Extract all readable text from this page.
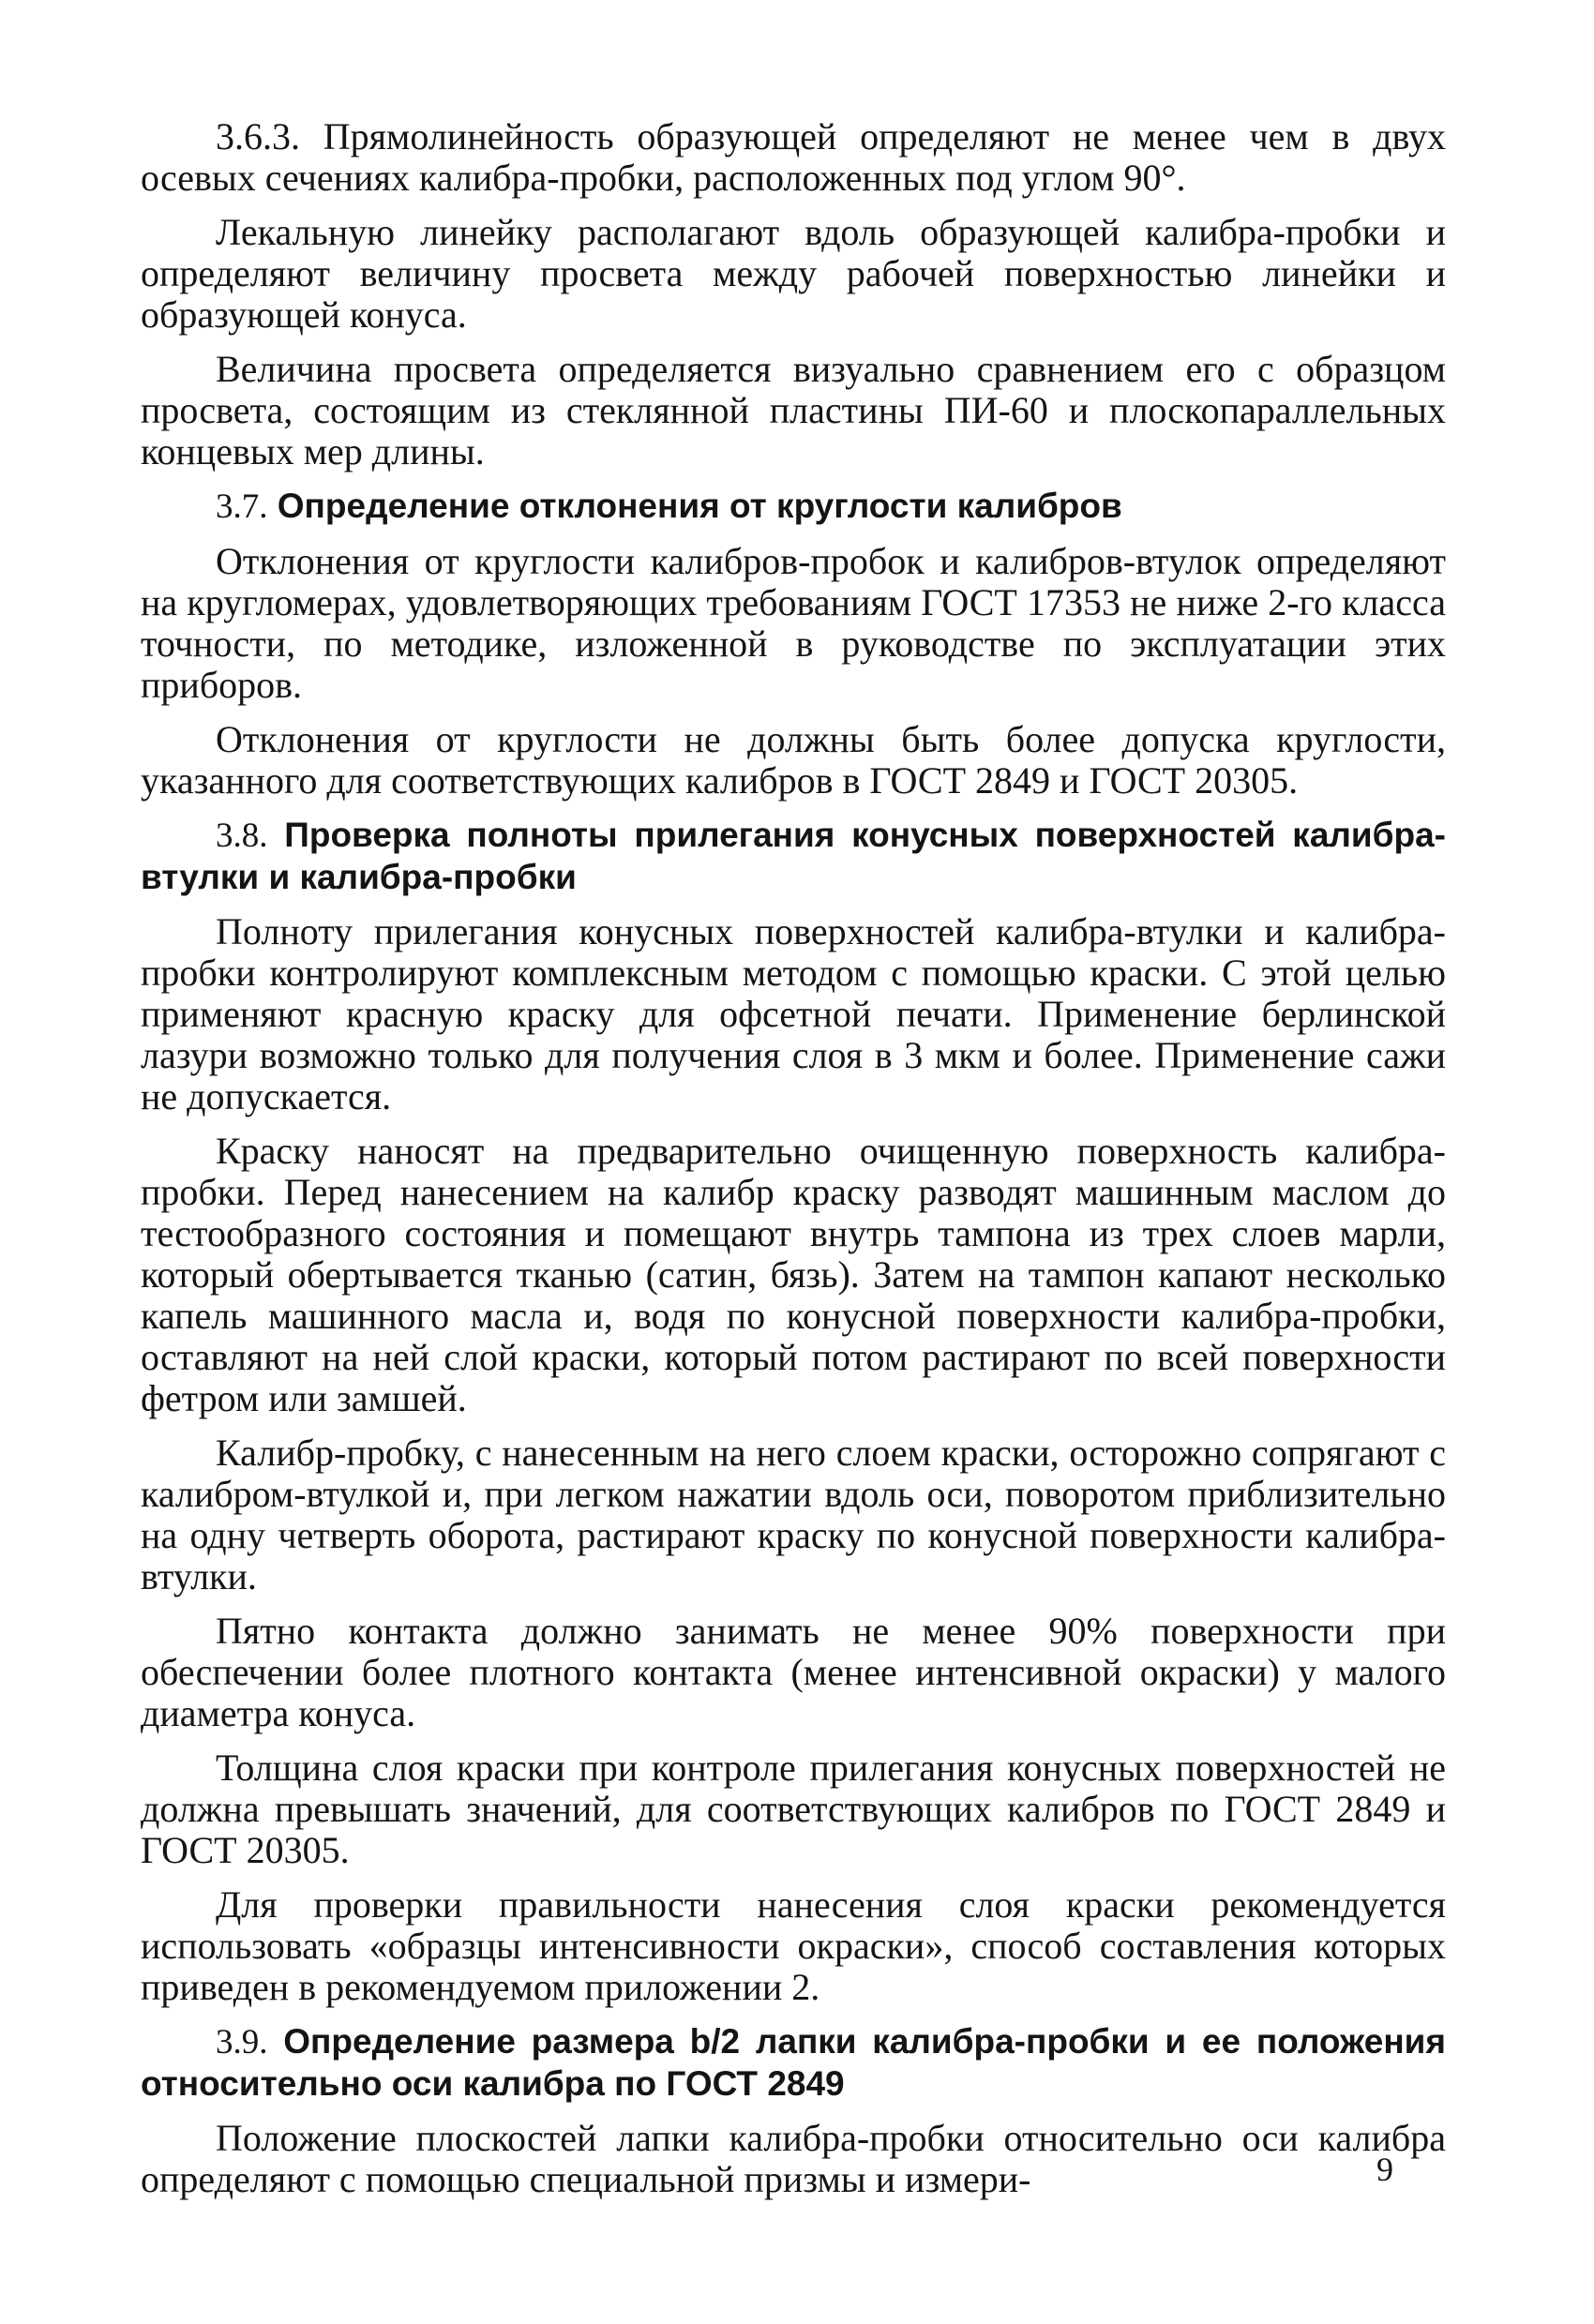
3.6.3. Прямолинейность образующей определяют не менее чем в двух осевых сечениях калибра-пробки, расположенных под углом 90°.

Лекальную линейку располагают вдоль образующей калибра-пробки и определяют величину просвета между рабочей поверхностью линейки и образующей конуса.

Величина просвета определяется визуально сравнением его с образцом просвета, состоящим из стеклянной пластины ПИ-60 и плоскопараллельных концевых мер длины.

3.7. Определение отклонения от круглости калибров

Отклонения от круглости калибров-пробок и калибров-втулок определяют на кругломерах, удовлетворяющих требованиям ГОСТ 17353 не ниже 2-го класса точности, по методике, изложенной в руководстве по эксплуатации этих приборов.

Отклонения от круглости не должны быть более допуска круглости, указанного для соответствующих калибров в ГОСТ 2849 и ГОСТ 20305.

3.8. Проверка полноты прилегания конусных поверхностей калибра-втулки и калибра-пробки

Полноту прилегания конусных поверхностей калибра-втулки и калибра-пробки контролируют комплексным методом с помощью краски. С этой целью применяют красную краску для офсетной печати. Применение берлинской лазури возможно только для получения слоя в 3 мкм и более. Применение сажи не допускается.

Краску наносят на предварительно очищенную поверхность калибра-пробки. Перед нанесением на калибр краску разводят машинным маслом до тестообразного состояния и помещают внутрь тампона из трех слоев марли, который обертывается тканью (сатин, бязь). Затем на тампон капают несколько капель машинного масла и, водя по конусной поверхности калибра-пробки, оставляют на ней слой краски, который потом растирают по всей поверхности фетром или замшей.

Калибр-пробку, с нанесенным на него слоем краски, осторожно сопрягают с калибром-втулкой и, при легком нажатии вдоль оси, поворотом приблизительно на одну четверть оборота, растирают краску по конусной поверхности калибра-втулки.

Пятно контакта должно занимать не менее 90% поверхности при обеспечении более плотного контакта (менее интенсивной окраски) у малого диаметра конуса.

Толщина слоя краски при контроле прилегания конусных поверхностей не должна превышать значений, для соответствующих калибров по ГОСТ 2849 и ГОСТ 20305.

Для проверки правильности нанесения слоя краски рекомендуется использовать «образцы интенсивности окраски», способ составления которых приведен в рекомендуемом приложении 2.

3.9. Определение размера b/2 лапки калибра-пробки и ее положения относительно оси калибра по ГОСТ 2849

Положение плоскостей лапки калибра-пробки относительно оси калибра определяют с помощью специальной призмы и измери-	9
